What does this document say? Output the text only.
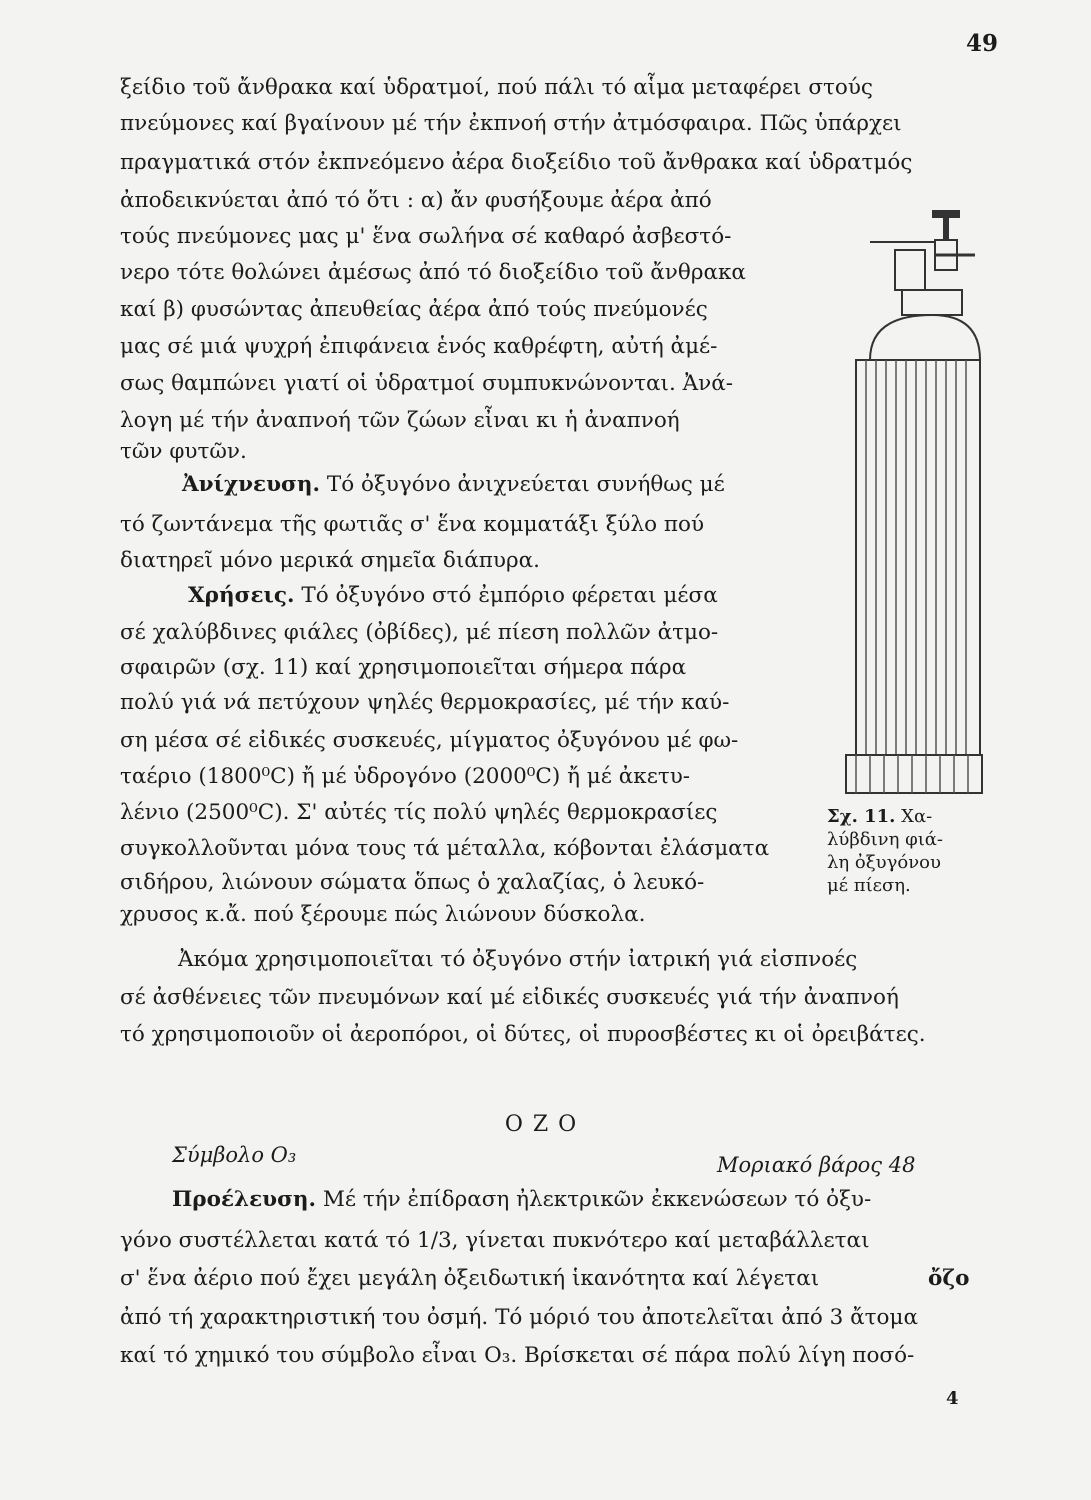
49
ξείδιο τοῦ ἄνθρακα καί ὑδρατμοί, πού πάλι τό αἷμα μεταφέρει στούς
πνεύμονες καί βγαίνουν μέ τήν ἐκπνοή στήν ἀτμόσφαιρα. Πῶς ὑπάρχει
πραγματικά στόν ἐκπνεόμενο ἀέρα διοξείδιο τοῦ ἄνθρακα καί ὑδρατμός
ἀποδεικνύεται ἀπό τό ὅτι : α) ἄν φυσήξουμε ἀέρα ἀπό
τούς πνεύμονες μας μ' ἕνα σωλήνα σέ καθαρό ἀσβεστό-
νερο τότε θολώνει ἀμέσως ἀπό τό διοξείδιο τοῦ ἄνθρακα
καί β) φυσώντας ἀπευθείας ἀέρα ἀπό τούς πνεύμονές
μας σέ μιά ψυχρή ἐπιφάνεια ἑνός καθρέφτη, αὐτή ἀμέ-
σως θαμπώνει γιατί οἱ ὑδρατμοί συμπυκνώνονται. Ἀνά-
λογη μέ τήν ἀναπνοή τῶν ζώων εἶναι κι ἡ ἀναπνοή
τῶν φυτῶν.
Ἀνίχνευση. Τό ὀξυγόνο ἀνιχνεύεται συνήθως μέ
τό ζωντάνεμα τῆς φωτιᾶς σ' ἕνα κομματάξι ξύλο πού
διατηρεῖ μόνο μερικά σημεῖα διάπυρα.
Χρήσεις. Τό ὀξυγόνο στό ἐμπόριο φέρεται μέσα
σέ χαλύβδινες φιάλες (ὀβίδες), μέ πίεση πολλῶν ἀτμο-
σφαιρῶν (σχ. 11) καί χρησιμοποιεῖται σήμερα πάρα
πολύ γιά νά πετύχουν ψηλές θερμοκρασίες, μέ τήν καύ-
ση μέσα σέ εἰδικές συσκευές, μίγματος ὀξυγόνου μέ φω-
ταέριο (1800⁰C) ἤ μέ ὑδρογόνο (2000⁰C) ἤ μέ ἀκετυ-
λένιο (2500⁰C). Σ' αὐτές τίς πολύ ψηλές θερμοκρασίες
συγκολλοῦνται μόνα τους τά μέταλλα, κόβονται ἐλάσματα
σιδήρου, λιώνουν σώματα ὅπως ὁ χαλαζίας, ὁ λευκό-
χρυσος κ.ἄ. πού ξέρουμε πώς λιώνουν δύσκολα.
Σχ. 11. Χα-
λύβδινη φιά-
λη ὀξυγόνου
μέ πίεση.
Ἀκόμα χρησιμοποιεῖται τό ὀξυγόνο στήν ἰατρική γιά εἰσπνοές
σέ ἀσθένειες τῶν πνευμόνων καί μέ εἰδικές συσκευές γιά τήν ἀναπνοή
τό χρησιμοποιοῦν οἱ ἀεροπόροι, οἱ δύτες, οἱ πυροσβέστες κι οἱ ὀρειβάτες.
ΟΖΟ
Σύμβολο O₃	Μοριακό βάρος 48
Προέλευση. Μέ τήν ἐπίδραση ἠλεκτρικῶν ἐκκενώσεων τό ὀξυ-
γόνο συστέλλεται κατά τό 1/3, γίνεται πυκνότερο καί μεταβάλλεται
σ' ἕνα ἀέριο πού ἔχει μεγάλη ὀξειδωτική ἱκανότητα καί λέγεται	ὄζο
ἀπό τή χαρακτηριστική του ὀσμή. Τό μόριό του ἀποτελεῖται ἀπό 3 ἄτομα
καί τό χημικό του σύμβολο εἶναι O₃. Βρίσκεται σέ πάρα πολύ λίγη ποσό-
4
